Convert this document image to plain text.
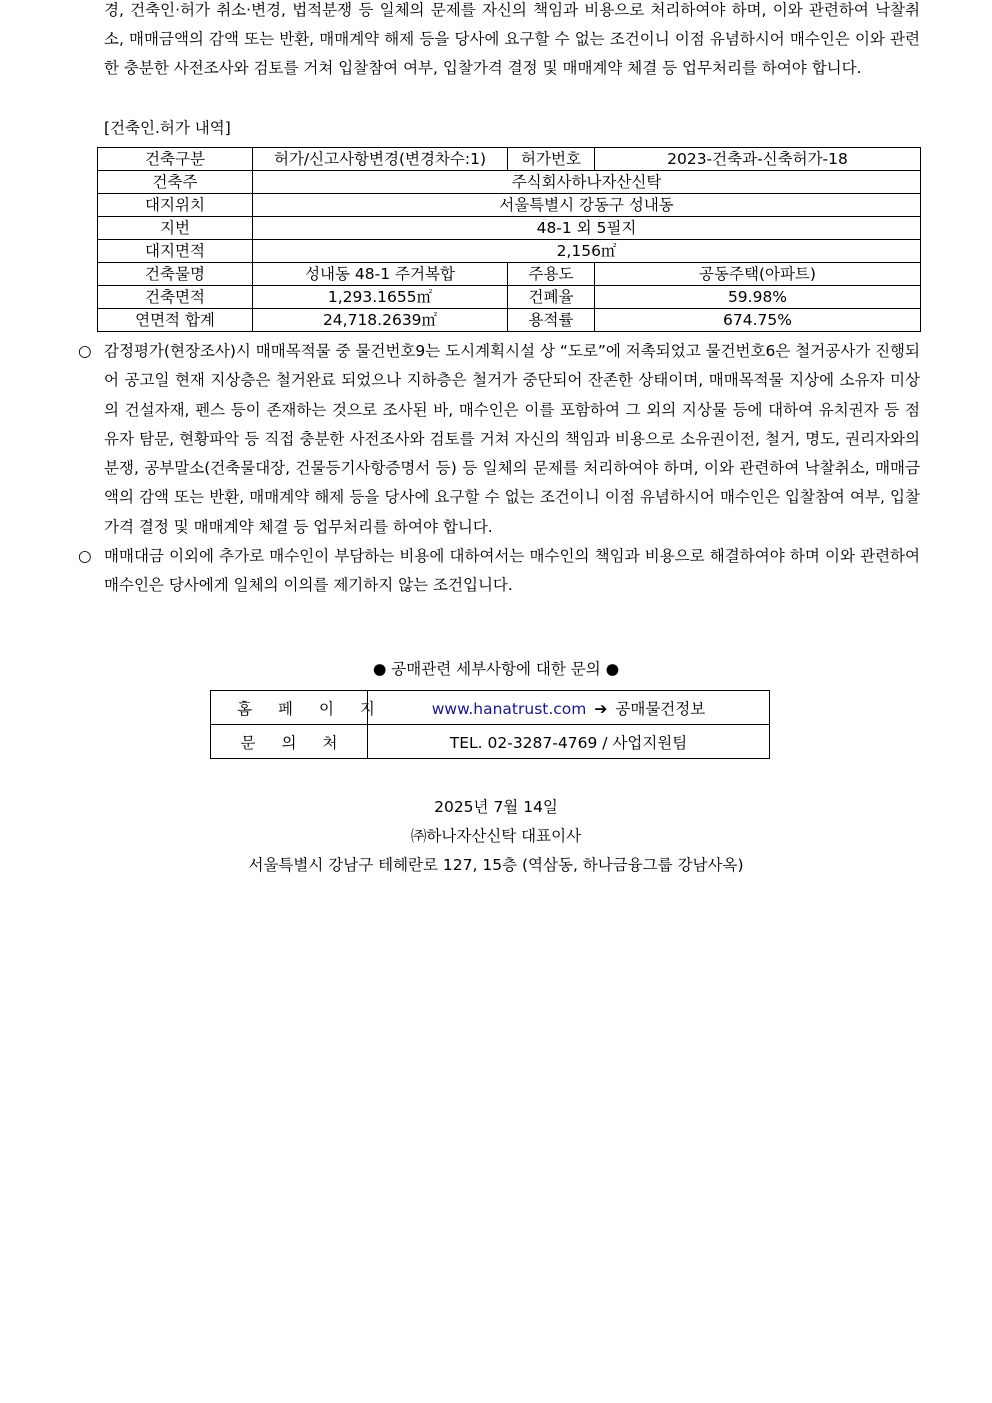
경, 건축인·허가 취소·변경, 법적분쟁 등 일체의 문제를 자신의 책임과 비용으로 처리하여야 하며, 이와 관련하여 낙찰취소, 매매금액의 감액 또는 반환, 매매계약 해제 등을 당사에 요구할 수 없는 조건이니 이점 유념하시어 매수인은 이와 관련한 충분한 사전조사와 검토를 거쳐 입찰참여 여부, 입찰가격 결정 및 매매계약 체결 등 업무처리를 하여야 합니다.

[건축인.허가 내역]

건축구분	허가/신고사항변경(변경차수:1)	허가번호	2023-건축과-신축허가-18
건축주	주식회사하나자산신탁		
대지위치	서울특별시 강동구 성내동		
지번	48-1 외 5필지		
대지면적	2,156㎡		
건축물명	성내동 48-1 주거복합	주용도	공동주택(아파트)
건축면적	1,293.1655㎡	건폐율	59.98%
연면적 합계	24,718.2639㎡	용적률	674.75%
○ 감정평가(현장조사)시 매매목적물 중 물건번호9는 도시계획시설 상 “도로”에 저촉되었고 물건번호6은 철거공사가 진행되어 공고일 현재 지상층은 철거완료 되었으나 지하층은 철거가 중단되어 잔존한 상태이며, 매매목적물 지상에 소유자 미상의 건설자재, 펜스 등이 존재하는 것으로 조사된 바, 매수인은 이를 포함하여 그 외의 지상물 등에 대하여 유치권자 등 점유자 탐문, 현황파악 등 직접 충분한 사전조사와 검토를 거쳐 자신의 책임과 비용으로 소유권이전, 철거, 명도, 권리자와의 분쟁, 공부말소(건축물대장, 건물등기사항증명서 등) 등 일체의 문제를 처리하여야 하며, 이와 관련하여 낙찰취소, 매매금액의 감액 또는 반환, 매매계약 해제 등을 당사에 요구할 수 없는 조건이니 이점 유념하시어 매수인은 입찰참여 여부, 입찰가격 결정 및 매매계약 체결 등 업무처리를 하여야 합니다.
○ 매매대금 이외에 추가로 매수인이 부담하는 비용에 대하여서는 매수인의 책임과 비용으로 해결하여야 하며 이와 관련하여 매수인은 당사에게 일체의 이의를 제기하지 않는 조건입니다.

● 공매관련 세부사항에 대한 문의 ●

홈페이지	www.hanatrust.com ➔ 공매물건정보
문의처	TEL. 02-3287-4769 / 사업지원팀
2025년 7월 14일
㈜하나자산신탁 대표이사
서울특별시 강남구 테헤란로 127, 15층 (역삼동, 하나금융그룹 강남사옥)
